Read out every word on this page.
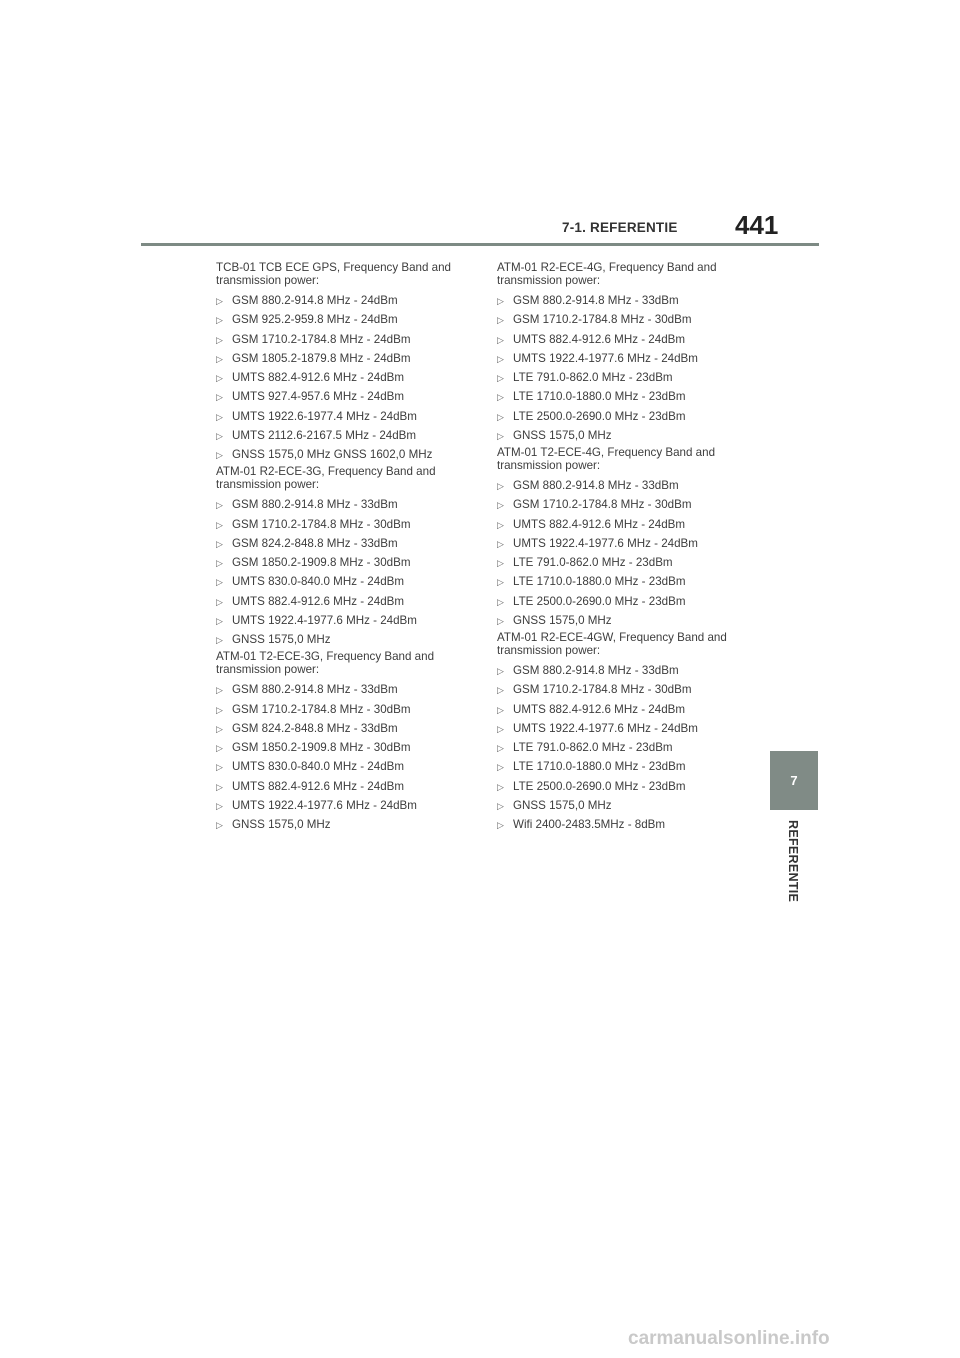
7-1. REFERENTIE 441

TCB-01 TCB ECE GPS, Frequency Band and transmission power:

▷ GSM 880.2-914.8 MHz - 24dBm
▷ GSM 925.2-959.8 MHz - 24dBm
▷ GSM 1710.2-1784.8 MHz - 24dBm
▷ GSM 1805.2-1879.8 MHz - 24dBm
▷ UMTS 882.4-912.6 MHz - 24dBm
▷ UMTS 927.4-957.6 MHz - 24dBm
▷ UMTS 1922.6-1977.4 MHz - 24dBm
▷ UMTS 2112.6-2167.5 MHz - 24dBm
▷ GNSS 1575,0 MHz GNSS 1602,0 MHz

ATM-01 R2-ECE-3G, Frequency Band and transmission power:

▷ GSM 880.2-914.8 MHz - 33dBm
▷ GSM 1710.2-1784.8 MHz - 30dBm
▷ GSM 824.2-848.8 MHz - 33dBm
▷ GSM 1850.2-1909.8 MHz - 30dBm
▷ UMTS 830.0-840.0 MHz - 24dBm
▷ UMTS 882.4-912.6 MHz - 24dBm
▷ UMTS 1922.4-1977.6 MHz - 24dBm
▷ GNSS 1575,0 MHz

ATM-01 T2-ECE-3G, Frequency Band and transmission power:

▷ GSM 880.2-914.8 MHz - 33dBm
▷ GSM 1710.2-1784.8 MHz - 30dBm
▷ GSM 824.2-848.8 MHz - 33dBm
▷ GSM 1850.2-1909.8 MHz - 30dBm
▷ UMTS 830.0-840.0 MHz - 24dBm
▷ UMTS 882.4-912.6 MHz - 24dBm
▷ UMTS 1922.4-1977.6 MHz - 24dBm
▷ GNSS 1575,0 MHz

ATM-01 R2-ECE-4G, Frequency Band and transmission power:

▷ GSM 880.2-914.8 MHz - 33dBm
▷ GSM 1710.2-1784.8 MHz - 30dBm
▷ UMTS 882.4-912.6 MHz - 24dBm
▷ UMTS 1922.4-1977.6 MHz - 24dBm
▷ LTE 791.0-862.0 MHz - 23dBm
▷ LTE 1710.0-1880.0 MHz - 23dBm
▷ LTE 2500.0-2690.0 MHz - 23dBm
▷ GNSS 1575,0 MHz

ATM-01 T2-ECE-4G, Frequency Band and transmission power:

▷ GSM 880.2-914.8 MHz - 33dBm
▷ GSM 1710.2-1784.8 MHz - 30dBm
▷ UMTS 882.4-912.6 MHz - 24dBm
▷ UMTS 1922.4-1977.6 MHz - 24dBm
▷ LTE 791.0-862.0 MHz - 23dBm
▷ LTE 1710.0-1880.0 MHz - 23dBm
▷ LTE 2500.0-2690.0 MHz - 23dBm
▷ GNSS 1575,0 MHz

ATM-01 R2-ECE-4GW, Frequency Band and transmission power:

▷ GSM 880.2-914.8 MHz - 33dBm
▷ GSM 1710.2-1784.8 MHz - 30dBm
▷ UMTS 882.4-912.6 MHz - 24dBm
▷ UMTS 1922.4-1977.6 MHz - 24dBm
▷ LTE 791.0-862.0 MHz - 23dBm
▷ LTE 1710.0-1880.0 MHz - 23dBm
▷ LTE 2500.0-2690.0 MHz - 23dBm
▷ GNSS 1575,0 MHz
▷ Wifi 2400-2483.5MHz - 8dBm
7
REFERENTIE
carmanualsonline.info
